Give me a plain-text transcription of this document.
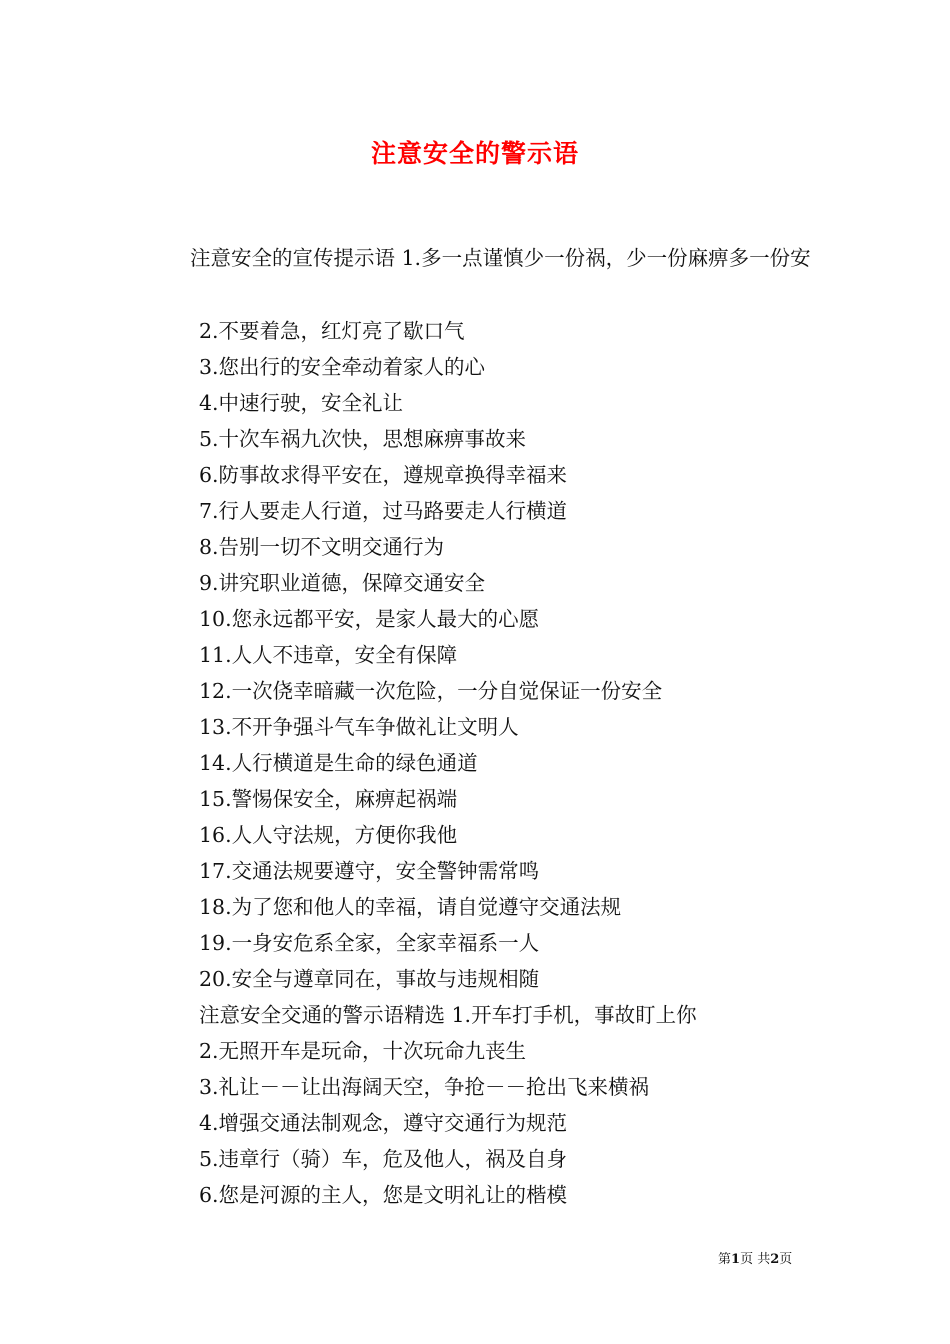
注意安全的警示语
注意安全的宣传提示语 1.多一点谨慎少一份祸，少一份麻痹多一份安
2.不要着急，红灯亮了歇口气
3.您出行的安全牵动着家人的心
4.中速行驶，安全礼让
5.十次车祸九次快，思想麻痹事故来
6.防事故求得平安在，遵规章换得幸福来
7.行人要走人行道，过马路要走人行横道
8.告别一切不文明交通行为
9.讲究职业道德，保障交通安全
10.您永远都平安，是家人最大的心愿
11.人人不违章，安全有保障
12.一次侥幸暗藏一次危险，一分自觉保证一份安全
13.不开争强斗气车争做礼让文明人
14.人行横道是生命的绿色通道
15.警惕保安全，麻痹起祸端
16.人人守法规，方便你我他
17.交通法规要遵守，安全警钟需常鸣
18.为了您和他人的幸福，请自觉遵守交通法规
19.一身安危系全家，全家幸福系一人
20.安全与遵章同在，事故与违规相随
注意安全交通的警示语精选 1.开车打手机，事故盯上你
2.无照开车是玩命，十次玩命九丧生
3.礼让－－让出海阔天空，争抢－－抢出飞来横祸
4.增强交通法制观念，遵守交通行为规范
5.违章行（骑）车，危及他人，祸及自身
6.您是河源的主人，您是文明礼让的楷模
第1页 共2页
